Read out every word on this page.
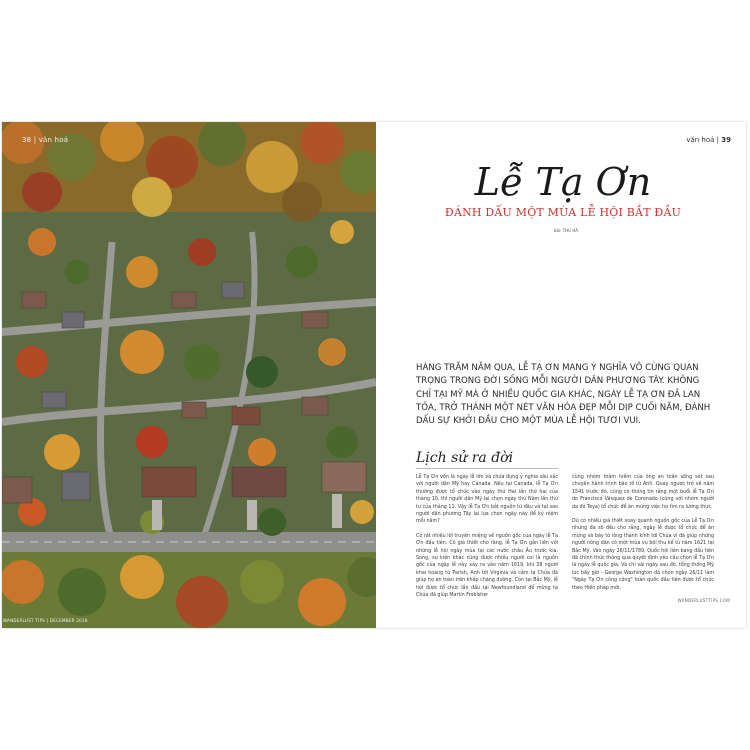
văn hoá | 39
Lễ Tạ Ơn
ĐÁNH DẤU MỘT MÙA LỄ HỘI BẮT ĐẦU
bài: THU HÀ
HÀNG TRĂM NĂM QUA, LỄ TẠ ƠN MANG Ý NGHĨA VÔ CÙNG QUAN TRỌNG TRONG ĐỜI SỐNG MỖI NGƯỜI DÂN PHƯƠNG TÂY. KHÔNG CHỈ TẠI MỸ MÀ Ở NHIỀU QUỐC GIA KHÁC, NGÀY LỄ TẠ ƠN ĐÃ LAN TỎA, TRỞ THÀNH MỘT NÉT VĂN HÓA ĐẸP MỖI DỊP CUỐI NĂM, ĐÁNH DẤU SỰ KHỞI ĐẦU CHO MỘT MÙA LỄ HỘI TƯƠI VUI.
Lịch sử ra đời

Lễ Tạ Ơn vốn là ngày lễ lớn và chứa đựng ý nghĩa sâu sắc với người dân Mỹ hay Canada. Nếu tại Canada, lễ Tạ Ơn thường được tổ chức vào ngày thứ Hai lần thứ hai của tháng 10, thì người dân Mỹ lại chọn ngày thứ Năm lần thứ tư của tháng 11. Vậy lễ Tạ Ơn bắt nguồn từ đâu và tại sao người dân phương Tây lại lựa chọn ngày này để kỷ niệm mỗi năm?

Có rất nhiều lời truyền miệng về nguồn gốc của ngày lễ Tạ Ơn đầu tiên. Có giả thiết cho rằng, lễ Tạ Ơn gắn liền với những lễ hội ngày mùa tại các nước châu Âu trước kia. Song, sự kiện khác cũng được nhiều người coi là nguồn gốc của ngày lễ này xảy ra vào năm 1619, khi 38 người khai hoang từ Parish, Anh tới Virginia và cảm tạ Chúa đã giúp họ an toàn trên khắp chặng đường. Còn tại Bắc Mỹ, lễ hội được tổ chức lần đầu tại Newfoundland để mừng tạ Chúa đã giúp Martin Frobisher

cùng nhóm thám hiểm của ông an toàn sống sót sau chuyến hành trình bão tố từ Anh. Quay ngược trở về năm 1541 trước đó, cũng có thông tin rằng một buổi lễ Tạ Ơn do Francisco Vásquez de Coronado (cùng với nhóm người da đỏ Teya) tổ chức để ăn mừng việc họ tìm ra lương thực.

Dù có nhiều giả thiết xoay quanh nguồn gốc của Lễ Tạ Ơn nhưng đa số đều cho rằng, ngày lễ được tổ chức để ăn mừng và bày tỏ lòng thành kính tới Chúa vì đã giúp những người nông dân có một mùa vụ bội thu kể từ năm 1621 tại Bắc Mỹ. Vào ngày 26/11/1789, Quốc hội liên bang đầu tiên đã chính thức thông qua quyết định yêu cầu chọn lễ Tạ Ơn là ngày lễ quốc gia. Và chỉ vài ngày sau đó, tổng thống Mỹ lúc bấy giờ - George Washington đã chọn ngày 26/11 làm "Ngày Tạ Ơn công cộng" toàn quốc đầu tiên được tổ chức theo Hiến pháp mới.

WANDERLUSTTIPS.COM
38 | văn hoá
WANDERLUST TIPS | DECEMBER 2018
